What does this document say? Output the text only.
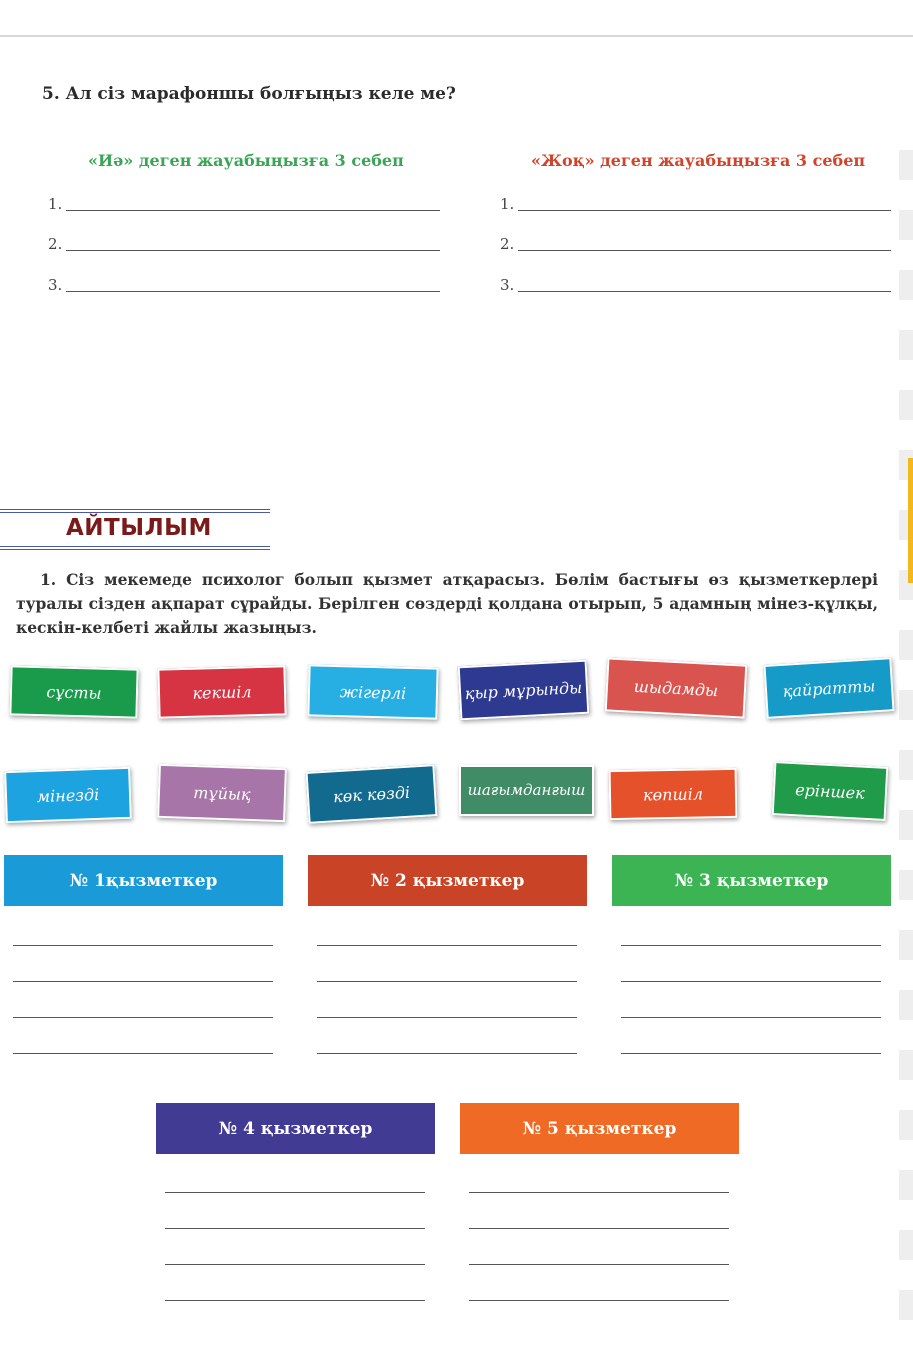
5. Ал сіз марафоншы болғыңыз келе ме?
«Иә» деген жауабыңызға 3 себеп	«Жоқ» деген жауабыңызға 3 себеп
1.
2.
3.
1.
2.
3.
АЙТЫЛЫМ
1. Сіз мекемеде психолог болып қызмет атқарасыз. Бөлім бастығы өз қызметкерлері туралы сізден ақпарат сұрайды. Берілген сөздерді қолдана отырып, 5 адамның мінез-құлқы, кескін-келбеті жайлы жазыңыз.
сұсты	кекшіл	жігерлі	қыр мұрынды	шыдамды	қайратты
мінезді	тұйық	көк көзді	шағымданғыш	көпшіл	еріншек
№ 1қызметкер	№ 2 қызметкер	№ 3 қызметкер
№ 4 қызметкер	№ 5 қызметкер
